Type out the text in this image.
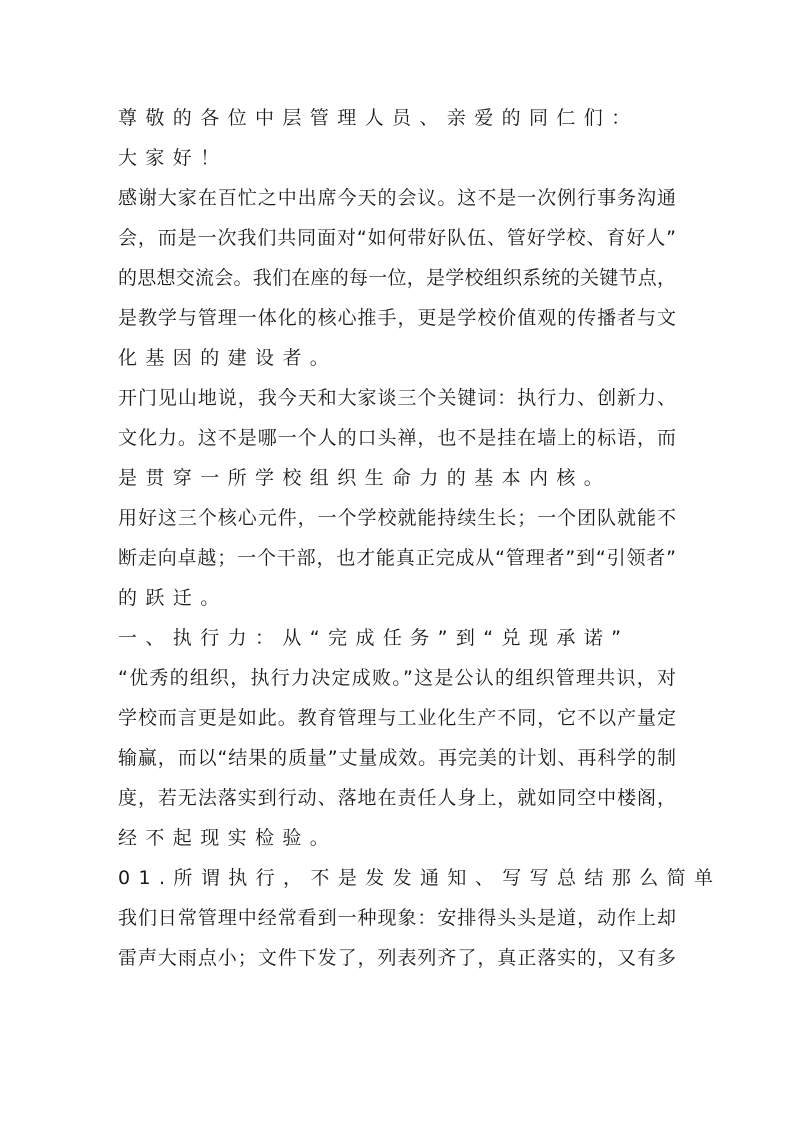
尊敬的各位中层管理人员、亲爱的同仁们：
大家好！
感谢大家在百忙之中出席今天的会议。这不是一次例行事务沟通
会，而是一次我们共同面对“如何带好队伍、管好学校、育好人”
的思想交流会。我们在座的每一位，是学校组织系统的关键节点，
是教学与管理一体化的核心推手，更是学校价值观的传播者与文
化基因的建设者。
开门见山地说，我今天和大家谈三个关键词：执行力、创新力、
文化力。这不是哪一个人的口头禅，也不是挂在墙上的标语，而
是贯穿一所学校组织生命力的基本内核。
用好这三个核心元件，一个学校就能持续生长；一个团队就能不
断走向卓越；一个干部，也才能真正完成从“管理者”到“引领者”
的跃迁。
一、执行力：从“完成任务”到“兑现承诺”
“优秀的组织，执行力决定成败。”这是公认的组织管理共识，对
学校而言更是如此。教育管理与工业化生产不同，它不以产量定
输赢，而以“结果的质量”丈量成效。再完美的计划、再科学的制
度，若无法落实到行动、落地在责任人身上，就如同空中楼阁，
经不起现实检验。
01.所谓执行，不是发发通知、写写总结那么简单
我们日常管理中经常看到一种现象：安排得头头是道，动作上却
雷声大雨点小；文件下发了，列表列齐了，真正落实的，又有多
